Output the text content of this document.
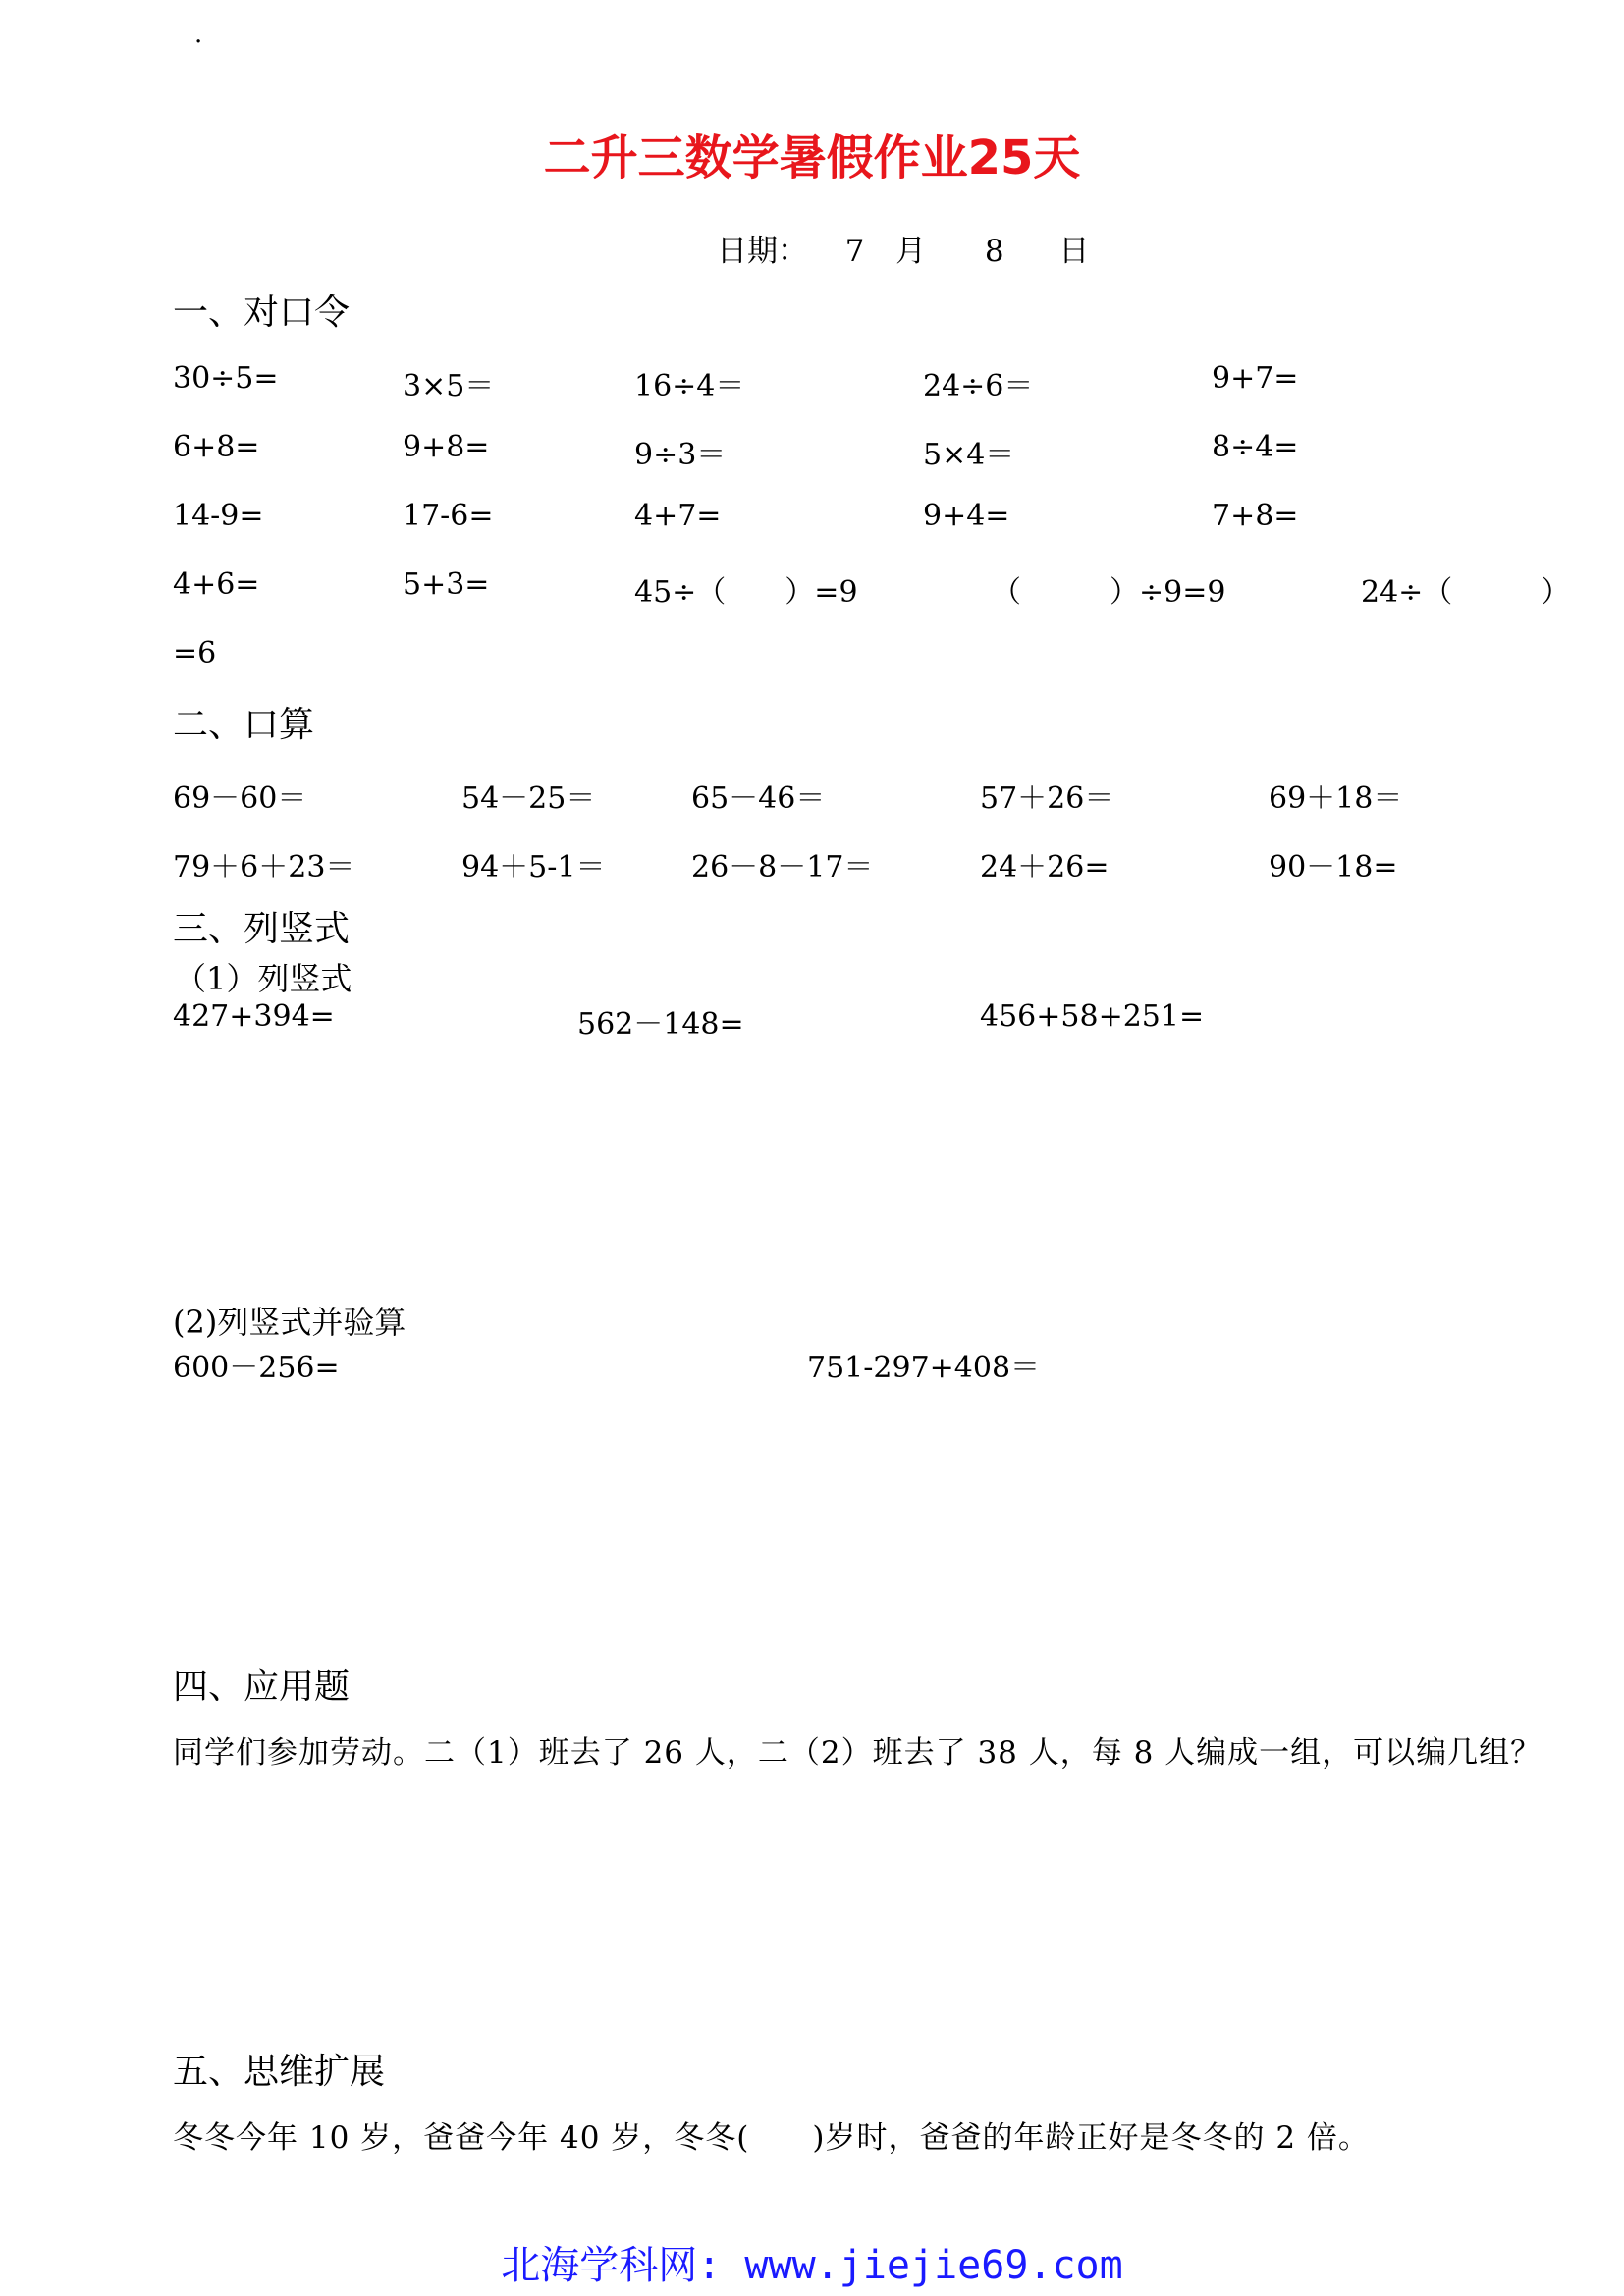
·
二升三数学暑假作业25天
日期： 7 月 8 日
一、对口令
30÷5=	3×5＝	16÷4＝	24÷6＝	9+7=
6+8=	9+8=	9÷3＝	5×4＝	8÷4=
14-9=	17-6=	4+7=	9+4=	7+8=
4+6=	5+3=	45÷（　　）=9	（　　　）÷9=9	24÷（　　　）
=6
二、口算
69－60＝	54－25＝	65－46＝	57＋26＝	69＋18＝
79＋6＋23＝	94＋5-1＝	26－8－17＝	24＋26=	90－18=
三、列竖式
（1）列竖式
427+394=	562－148=	456+58+251=
(2)列竖式并验算
600－256=	751-297+408＝
四、应用题
同学们参加劳动。二（1）班去了 26 人，二（2）班去了 38 人，每 8 人编成一组，可以编几组？
五、思维扩展
冬冬今年 10 岁，爸爸今年 40 岁，冬冬(　　)岁时，爸爸的年龄正好是冬冬的 2 倍。
北海学科网: www.jiejie69.com
